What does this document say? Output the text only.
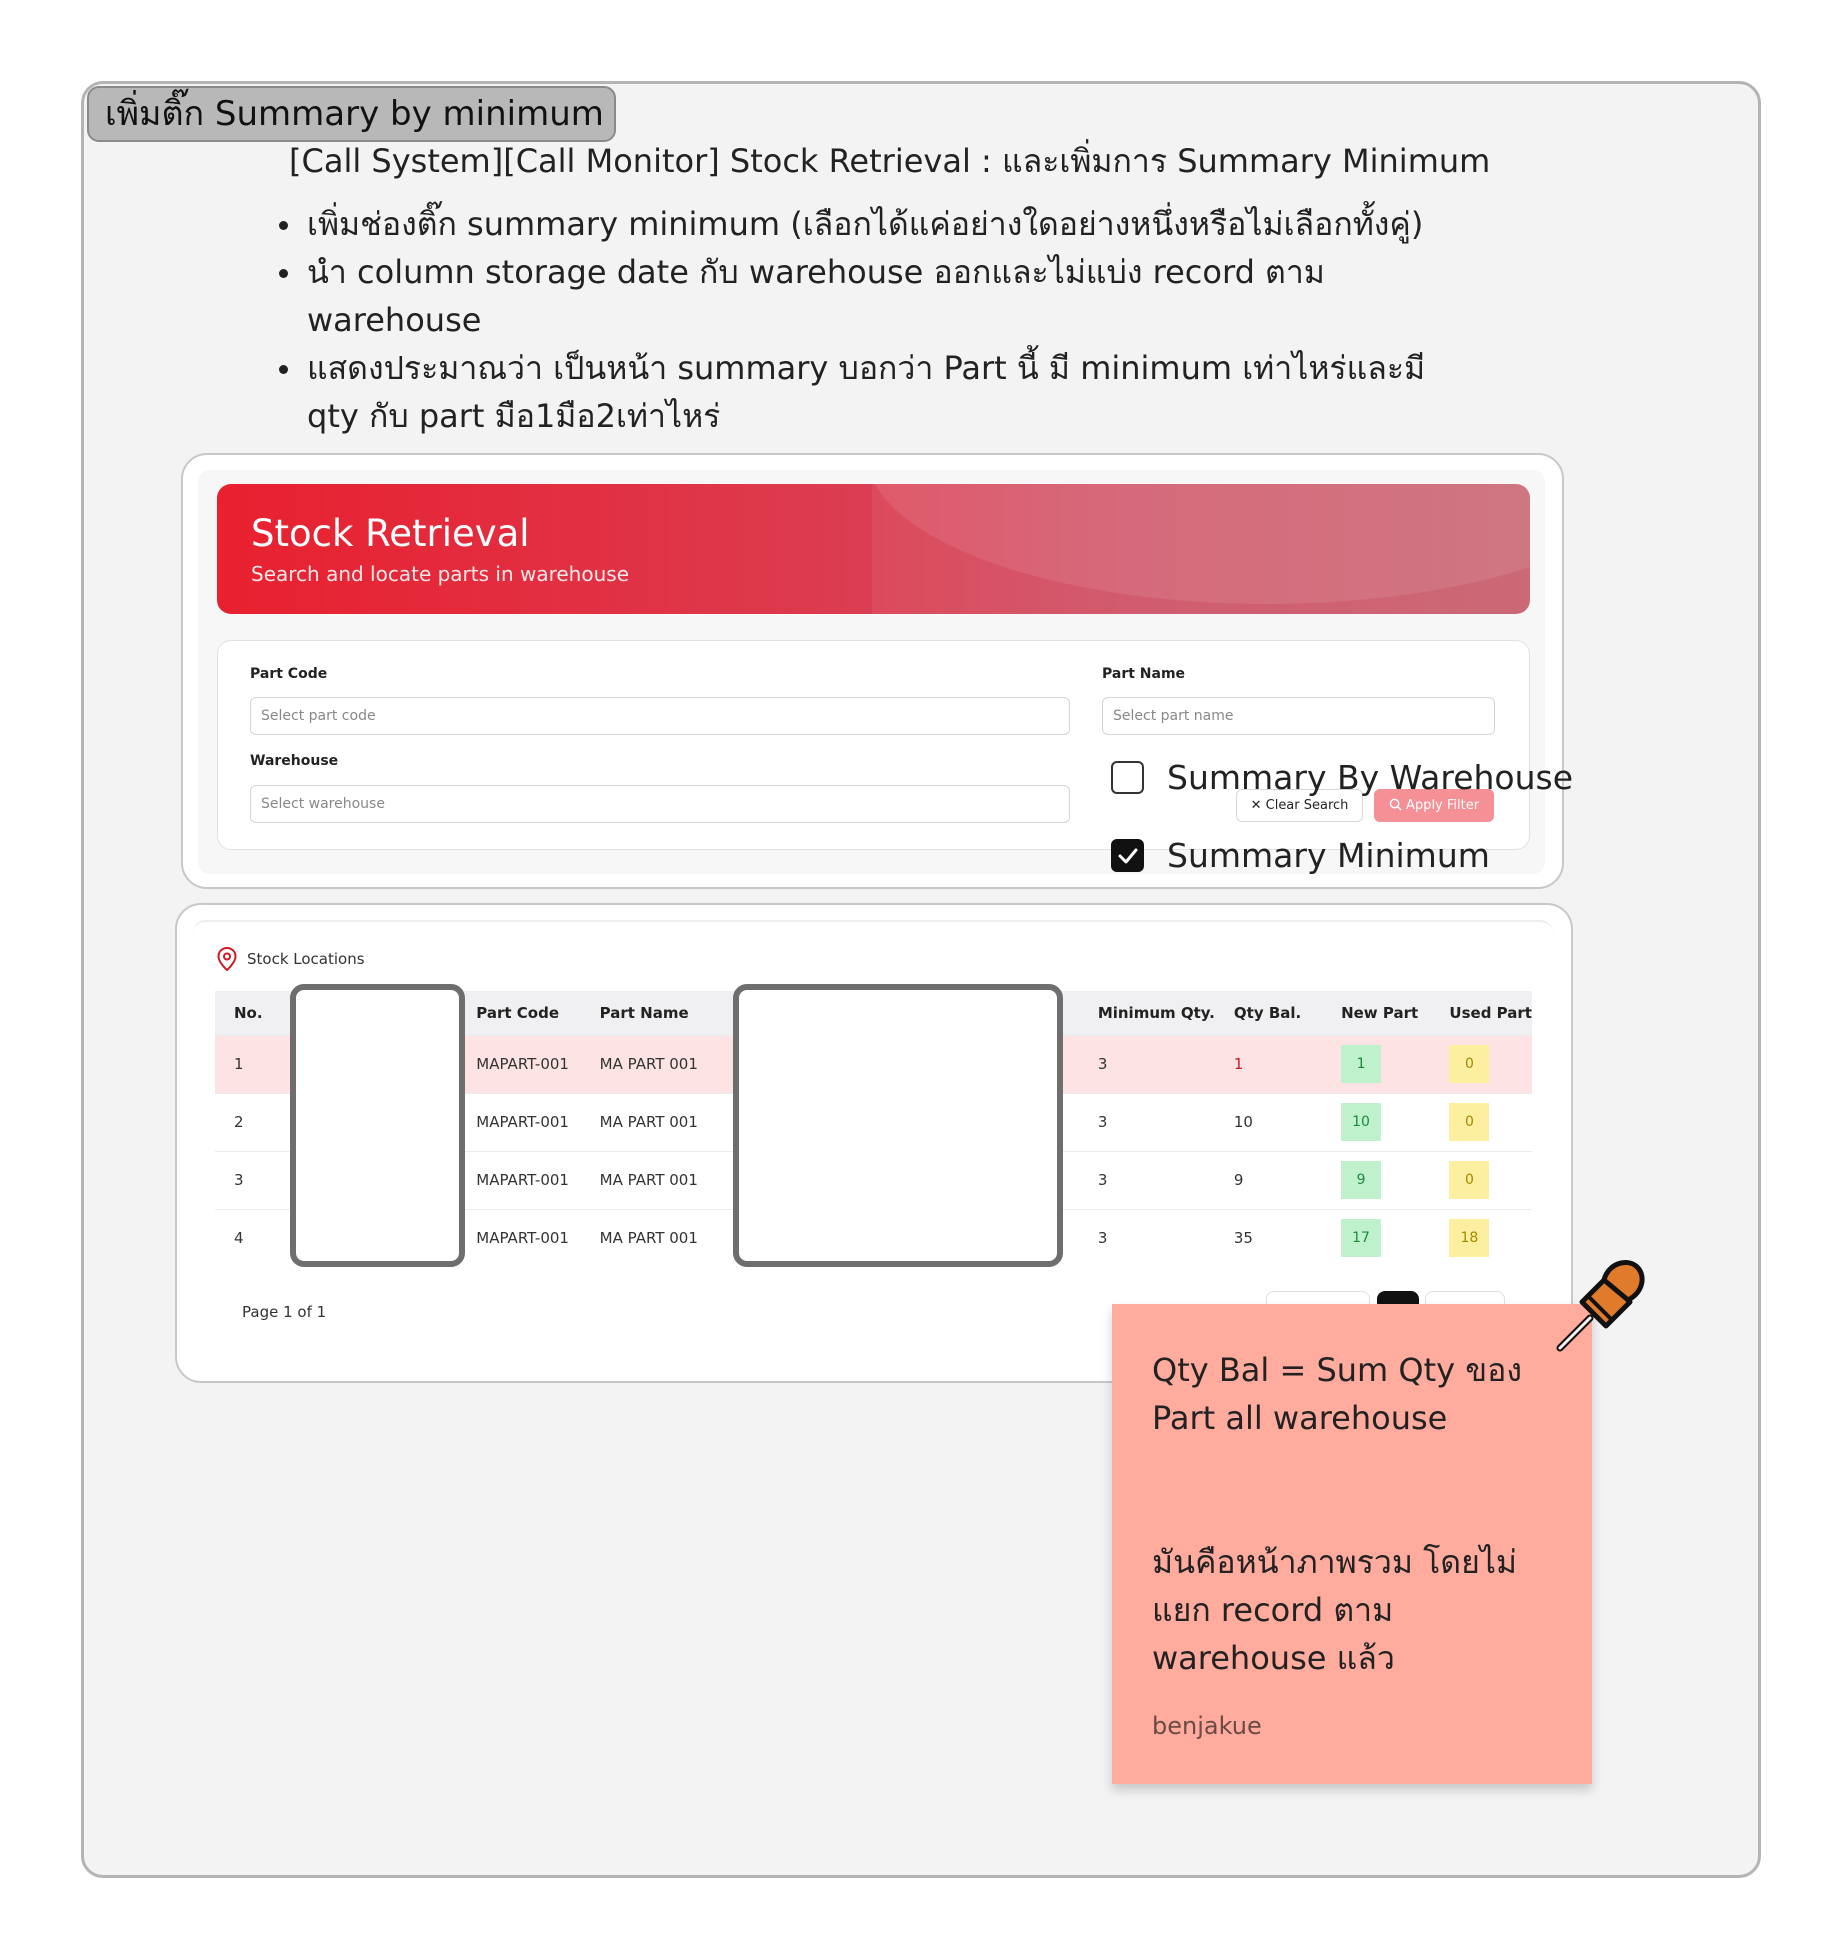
เพิ่มติ๊ก Summary by minimum
[Call System][Call Monitor] Stock Retrieval : และเพิ่มการ Summary Minimum
เพิ่มช่องติ๊ก summary minimum (เลือกได้แค่อย่างใดอย่างหนึ่งหรือไม่เลือกทั้งคู่)
นำ column storage date กับ warehouse ออกและไม่แบ่ง record ตาม warehouse
แสดงประมาณว่า เป็นหน้า summary บอกว่า Part นี้ มี minimum เท่าไหร่และมี qty กับ part มือ1มือ2เท่าไหร่
Stock Retrieval
Search and locate parts in warehouse
Part Code
Select part code
Part Name
Select part name
Warehouse
Select warehouse	✕ Clear Search	Apply Filter
Summary By Warehouse
Summary Minimum
Stock Locations
No.		Part Code	Part Name		Minimum Qty.	Qty Bal.	New Part	Used Part
1		MAPART-001	MA PART 001		3	1	1	0
2		MAPART-001	MA PART 001		3	10	10	0
3		MAPART-001	MA PART 001		3	9	9	0
4		MAPART-001	MA PART 001		3	35	17	18
Page 1 of 1
Qty Bal = Sum Qty ของ Part all warehouse
มันคือหน้าภาพรวม โดยไม่แยก record ตาม warehouse แล้ว
benjakue
